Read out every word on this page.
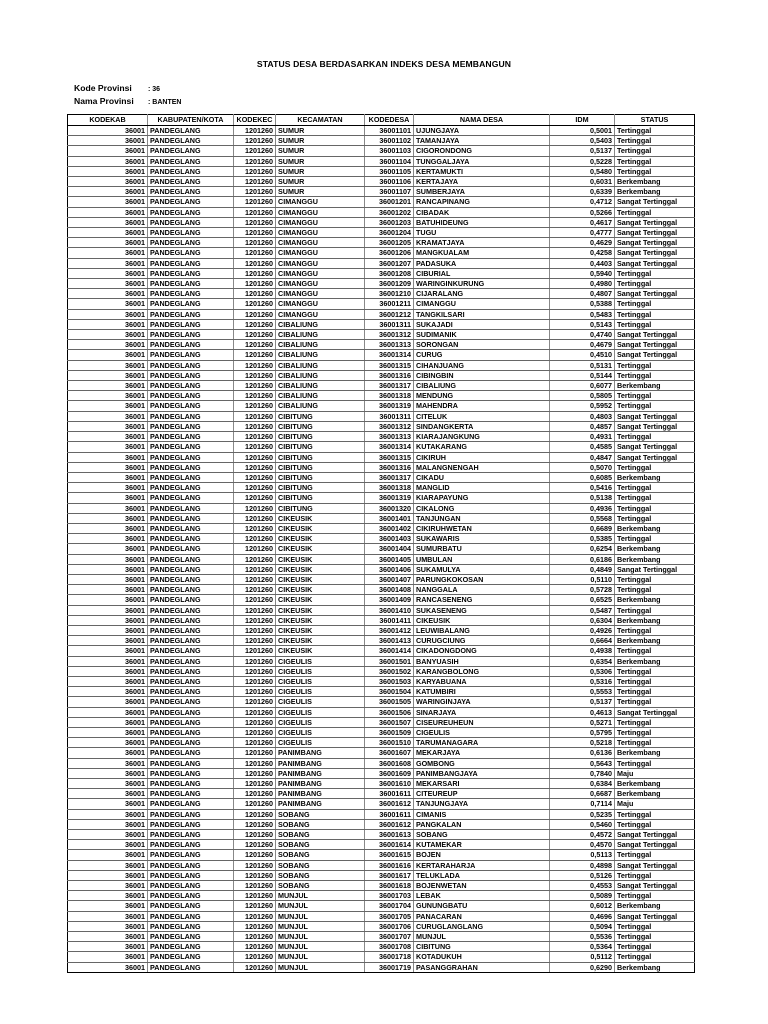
STATUS DESA BERDASARKAN INDEKS DESA MEMBANGUN
Kode Provinsi : 36
Nama Provinsi : BANTEN
KODEKAB	KABUPATEN/KOTA	KODEKEC	KECAMATAN	KODEDESA	NAMA DESA	IDM	STATUS
36001	PANDEGLANG	1201260	SUMUR	36001101	UJUNGJAYA	0,5001	Tertinggal
36001	PANDEGLANG	1201260	SUMUR	36001102	TAMANJAYA	0,5403	Tertinggal
36001	PANDEGLANG	1201260	SUMUR	36001103	CIGORONDONG	0,5137	Tertinggal
36001	PANDEGLANG	1201260	SUMUR	36001104	TUNGGALJAYA	0,5228	Tertinggal
36001	PANDEGLANG	1201260	SUMUR	36001105	KERTAMUKTI	0,5480	Tertinggal
36001	PANDEGLANG	1201260	SUMUR	36001106	KERTAJAYA	0,6031	Berkembang
36001	PANDEGLANG	1201260	SUMUR	36001107	SUMBERJAYA	0,6339	Berkembang
36001	PANDEGLANG	1201260	CIMANGGU	36001201	RANCAPINANG	0,4712	Sangat Tertinggal
36001	PANDEGLANG	1201260	CIMANGGU	36001202	CIBADAK	0,5266	Tertinggal
36001	PANDEGLANG	1201260	CIMANGGU	36001203	BATUHIDEUNG	0,4617	Sangat Tertinggal
36001	PANDEGLANG	1201260	CIMANGGU	36001204	TUGU	0,4777	Sangat Tertinggal
36001	PANDEGLANG	1201260	CIMANGGU	36001205	KRAMATJAYA	0,4629	Sangat Tertinggal
36001	PANDEGLANG	1201260	CIMANGGU	36001206	MANGKUALAM	0,4258	Sangat Tertinggal
36001	PANDEGLANG	1201260	CIMANGGU	36001207	PADASUKA	0,4403	Sangat Tertinggal
36001	PANDEGLANG	1201260	CIMANGGU	36001208	CIBURIAL	0,5940	Tertinggal
36001	PANDEGLANG	1201260	CIMANGGU	36001209	WARINGINKURUNG	0,4980	Tertinggal
36001	PANDEGLANG	1201260	CIMANGGU	36001210	CIJARALANG	0,4807	Sangat Tertinggal
36001	PANDEGLANG	1201260	CIMANGGU	36001211	CIMANGGU	0,5388	Tertinggal
36001	PANDEGLANG	1201260	CIMANGGU	36001212	TANGKILSARI	0,5483	Tertinggal
36001	PANDEGLANG	1201260	CIBALIUNG	36001311	SUKAJADI	0,5143	Tertinggal
36001	PANDEGLANG	1201260	CIBALIUNG	36001312	SUDIMANIK	0,4740	Sangat Tertinggal
36001	PANDEGLANG	1201260	CIBALIUNG	36001313	SORONGAN	0,4679	Sangat Tertinggal
36001	PANDEGLANG	1201260	CIBALIUNG	36001314	CURUG	0,4510	Sangat Tertinggal
36001	PANDEGLANG	1201260	CIBALIUNG	36001315	CIHANJUANG	0,5131	Tertinggal
36001	PANDEGLANG	1201260	CIBALIUNG	36001316	CIBINGBIN	0,5144	Tertinggal
36001	PANDEGLANG	1201260	CIBALIUNG	36001317	CIBALIUNG	0,6077	Berkembang
36001	PANDEGLANG	1201260	CIBALIUNG	36001318	MENDUNG	0,5805	Tertinggal
36001	PANDEGLANG	1201260	CIBALIUNG	36001319	MAHENDRA	0,5952	Tertinggal
36001	PANDEGLANG	1201260	CIBITUNG	36001311	CITELUK	0,4803	Sangat Tertinggal
36001	PANDEGLANG	1201260	CIBITUNG	36001312	SINDANGKERTA	0,4857	Sangat Tertinggal
36001	PANDEGLANG	1201260	CIBITUNG	36001313	KIARAJANGKUNG	0,4931	Tertinggal
36001	PANDEGLANG	1201260	CIBITUNG	36001314	KUTAKARANG	0,4585	Sangat Tertinggal
36001	PANDEGLANG	1201260	CIBITUNG	36001315	CIKIRUH	0,4847	Sangat Tertinggal
36001	PANDEGLANG	1201260	CIBITUNG	36001316	MALANGNENGAH	0,5070	Tertinggal
36001	PANDEGLANG	1201260	CIBITUNG	36001317	CIKADU	0,6085	Berkembang
36001	PANDEGLANG	1201260	CIBITUNG	36001318	MANGLID	0,5416	Tertinggal
36001	PANDEGLANG	1201260	CIBITUNG	36001319	KIARAPAYUNG	0,5138	Tertinggal
36001	PANDEGLANG	1201260	CIBITUNG	36001320	CIKALONG	0,4936	Tertinggal
36001	PANDEGLANG	1201260	CIKEUSIK	36001401	TANJUNGAN	0,5568	Tertinggal
36001	PANDEGLANG	1201260	CIKEUSIK	36001402	CIKIRUHWETAN	0,6689	Berkembang
36001	PANDEGLANG	1201260	CIKEUSIK	36001403	SUKAWARIS	0,5385	Tertinggal
36001	PANDEGLANG	1201260	CIKEUSIK	36001404	SUMURBATU	0,6254	Berkembang
36001	PANDEGLANG	1201260	CIKEUSIK	36001405	UMBULAN	0,6186	Berkembang
36001	PANDEGLANG	1201260	CIKEUSIK	36001406	SUKAMULYA	0,4849	Sangat Tertinggal
36001	PANDEGLANG	1201260	CIKEUSIK	36001407	PARUNGKOKOSAN	0,5110	Tertinggal
36001	PANDEGLANG	1201260	CIKEUSIK	36001408	NANGGALA	0,5728	Tertinggal
36001	PANDEGLANG	1201260	CIKEUSIK	36001409	RANCASENENG	0,6525	Berkembang
36001	PANDEGLANG	1201260	CIKEUSIK	36001410	SUKASENENG	0,5487	Tertinggal
36001	PANDEGLANG	1201260	CIKEUSIK	36001411	CIKEUSIK	0,6304	Berkembang
36001	PANDEGLANG	1201260	CIKEUSIK	36001412	LEUWIBALANG	0,4926	Tertinggal
36001	PANDEGLANG	1201260	CIKEUSIK	36001413	CURUGCIUNG	0,6664	Berkembang
36001	PANDEGLANG	1201260	CIKEUSIK	36001414	CIKADONGDONG	0,4938	Tertinggal
36001	PANDEGLANG	1201260	CIGEULIS	36001501	BANYUASIH	0,6354	Berkembang
36001	PANDEGLANG	1201260	CIGEULIS	36001502	KARANGBOLONG	0,5306	Tertinggal
36001	PANDEGLANG	1201260	CIGEULIS	36001503	KARYABUANA	0,5316	Tertinggal
36001	PANDEGLANG	1201260	CIGEULIS	36001504	KATUMBIRI	0,5553	Tertinggal
36001	PANDEGLANG	1201260	CIGEULIS	36001505	WARINGINJAYA	0,5137	Tertinggal
36001	PANDEGLANG	1201260	CIGEULIS	36001506	SINARJAYA	0,4613	Sangat Tertinggal
36001	PANDEGLANG	1201260	CIGEULIS	36001507	CISEUREUHEUN	0,5271	Tertinggal
36001	PANDEGLANG	1201260	CIGEULIS	36001509	CIGEULIS	0,5795	Tertinggal
36001	PANDEGLANG	1201260	CIGEULIS	36001510	TARUMANAGARA	0,5218	Tertinggal
36001	PANDEGLANG	1201260	PANIMBANG	36001607	MEKARJAYA	0,6136	Berkembang
36001	PANDEGLANG	1201260	PANIMBANG	36001608	GOMBONG	0,5643	Tertinggal
36001	PANDEGLANG	1201260	PANIMBANG	36001609	PANIMBANGJAYA	0,7840	Maju
36001	PANDEGLANG	1201260	PANIMBANG	36001610	MEKARSARI	0,6384	Berkembang
36001	PANDEGLANG	1201260	PANIMBANG	36001611	CITEUREUP	0,6687	Berkembang
36001	PANDEGLANG	1201260	PANIMBANG	36001612	TANJUNGJAYA	0,7114	Maju
36001	PANDEGLANG	1201260	SOBANG	36001611	CIMANIS	0,5235	Tertinggal
36001	PANDEGLANG	1201260	SOBANG	36001612	PANGKALAN	0,5460	Tertinggal
36001	PANDEGLANG	1201260	SOBANG	36001613	SOBANG	0,4572	Sangat Tertinggal
36001	PANDEGLANG	1201260	SOBANG	36001614	KUTAMEKAR	0,4570	Sangat Tertinggal
36001	PANDEGLANG	1201260	SOBANG	36001615	BOJEN	0,5113	Tertinggal
36001	PANDEGLANG	1201260	SOBANG	36001616	KERTARAHARJA	0,4898	Sangat Tertinggal
36001	PANDEGLANG	1201260	SOBANG	36001617	TELUKLADA	0,5126	Tertinggal
36001	PANDEGLANG	1201260	SOBANG	36001618	BOJENWETAN	0,4553	Sangat Tertinggal
36001	PANDEGLANG	1201260	MUNJUL	36001703	LEBAK	0,5089	Tertinggal
36001	PANDEGLANG	1201260	MUNJUL	36001704	GUNUNGBATU	0,6012	Berkembang
36001	PANDEGLANG	1201260	MUNJUL	36001705	PANACARAN	0,4696	Sangat Tertinggal
36001	PANDEGLANG	1201260	MUNJUL	36001706	CURUGLANGLANG	0,5094	Tertinggal
36001	PANDEGLANG	1201260	MUNJUL	36001707	MUNJUL	0,5536	Tertinggal
36001	PANDEGLANG	1201260	MUNJUL	36001708	CIBITUNG	0,5364	Tertinggal
36001	PANDEGLANG	1201260	MUNJUL	36001718	KOTADUKUH	0,5112	Tertinggal
36001	PANDEGLANG	1201260	MUNJUL	36001719	PASANGGRAHAN	0,6290	Berkembang
